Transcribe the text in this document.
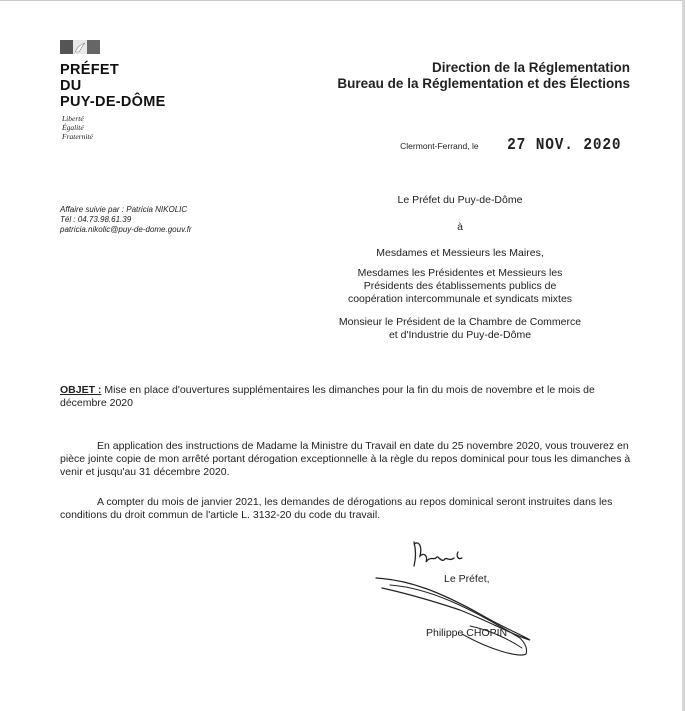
PRÉFET
DU
PUY-DE-DÔME
Liberté
Égalité
Fraternité
Direction de la Réglementation
Bureau de la Réglementation et des Élections
Clermont-Ferrand, le 27 NOV. 2020
Affaire suivie par : Patricia NIKOLIC
Tél : 04.73.98.61.39
patricia.nikolic@puy-de-dome.gouv.fr
Le Préfet du Puy-de-Dôme
à
Mesdames et Messieurs les Maires,
Mesdames les Présidentes et Messieurs les
Présidents des établissements publics de
coopération intercommunale et syndicats mixtes
Monsieur le Président de la Chambre de Commerce
et d'Industrie du Puy-de-Dôme
OBJET : Mise en place d'ouvertures supplémentaires les dimanches pour la fin du mois de novembre et le mois de décembre 2020
En application des instructions de Madame la Ministre du Travail en date du 25 novembre 2020, vous trouverez en pièce jointe copie de mon arrêté portant dérogation exceptionnelle à la règle du repos dominical pour tous les dimanches à venir et jusqu'au 31 décembre 2020.
A compter du mois de janvier 2021, les demandes de dérogations au repos dominical seront instruites dans les conditions du droit commun de l'article L. 3132-20 du code du travail.
Le Préfet,
Philippe CHOPIN
